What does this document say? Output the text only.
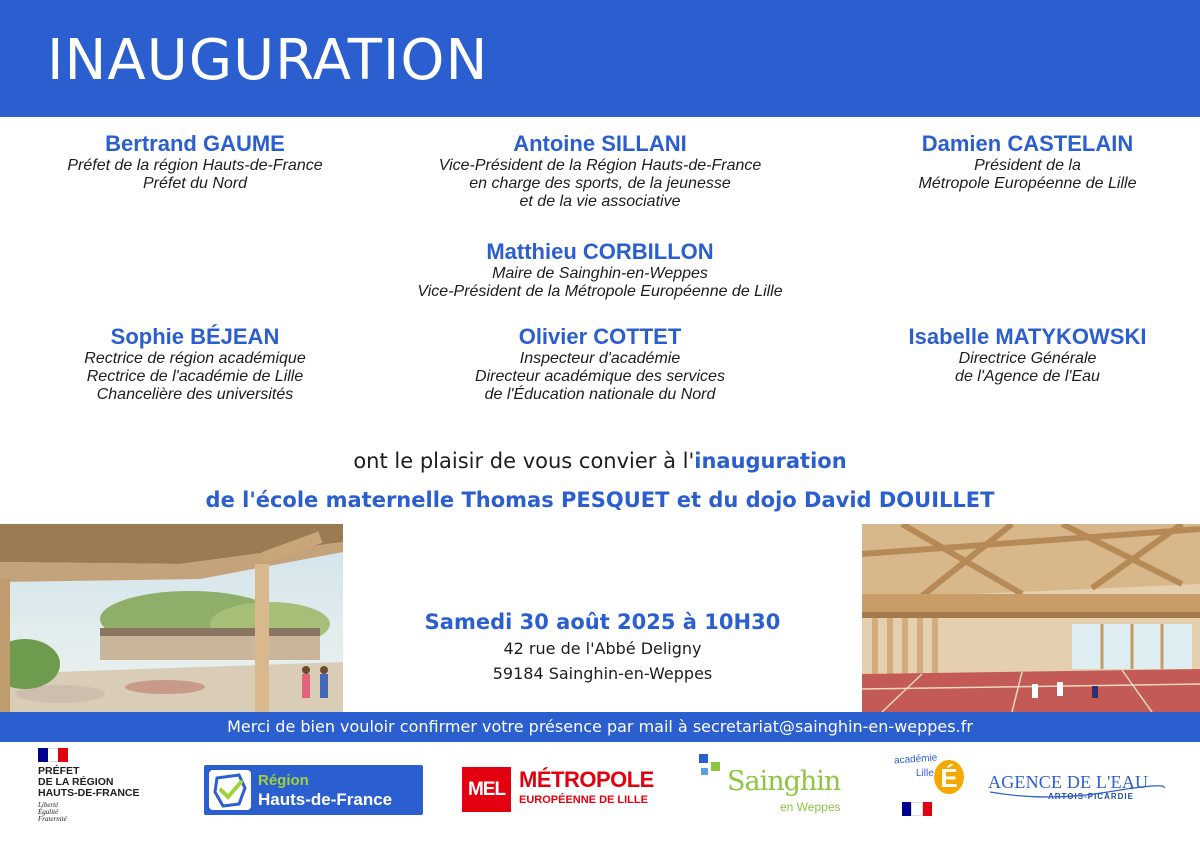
INAUGURATION
Bertrand GAUME
Préfet de la région Hauts-de-France
Préfet du Nord
Antoine SILLANI
Vice-Président de la Région Hauts-de-France
en charge des sports, de la jeunesse
et de la vie associative
Damien CASTELAIN
Président de la
Métropole Européenne de Lille
Matthieu CORBILLON
Maire de Sainghin-en-Weppes
Vice-Président de la Métropole Européenne de Lille
Sophie BÉJEAN
Rectrice de région académique
Rectrice de l'académie de Lille
Chancelière des universités
Olivier COTTET
Inspecteur d'académie
Directeur académique des services
de l'Éducation nationale du Nord
Isabelle MATYKOWSKI
Directrice Générale
de l'Agence de l'Eau
ont le plaisir de vous convier à l'inauguration
de l'école maternelle Thomas PESQUET et du dojo David DOUILLET
Samedi 30 août 2025 à 10H30
42 rue de l'Abbé Deligny
59184 Sainghin-en-Weppes
Merci de bien vouloir confirmer votre présence par mail à secretariat@sainghin-en-weppes.fr
PRÉFET
DE LA RÉGION
HAUTS-DE-FRANCE
Liberté
Égalité
Fraternité
Région
Hauts-de-France	MEL MÉTROPOLE
EUROPÉENNE DE LILLE
Sainghin
en Weppes
académie
Lille É AGENCE DE L'EAU
ARTOIS-PICARDIE
